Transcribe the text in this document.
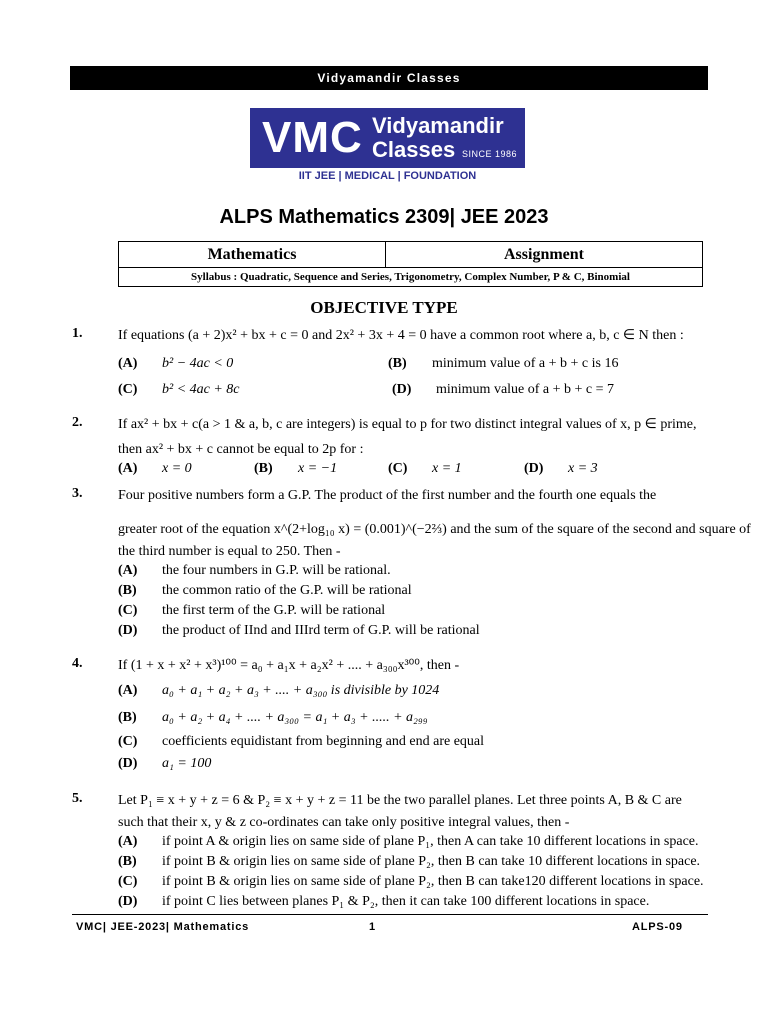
Vidyamandir Classes
VMC Vidyamandir
Classes SINCE 1986
IIT JEE | MEDICAL | FOUNDATION
ALPS Mathematics 2309| JEE 2023
Mathematics	Assignment
Syllabus : Quadratic, Sequence and Series, Trigonometry, Complex Number, P & C, Binomial
OBJECTIVE TYPE
1.	If equations (a + 2)x² + bx + c = 0 and 2x² + 3x + 4 = 0 have a common root where a, b, c ∈ N then :
(A) b² − 4ac < 0	(B) minimum value of a + b + c is 16
(C) b² < 4ac + 8c	(D) minimum value of a + b + c = 7
2.	If ax² + bx + c(a > 1 & a, b, c are integers) is equal to p for two distinct integral values of x, p ∈ prime,
then ax² + bx + c cannot be equal to 2p for :
(A) x = 0	(B) x = −1	(C) x = 1	(D) x = 3
3.	Four positive numbers form a G.P. The product of the first number and the fourth one equals the
greater root of the equation x^(2+log₁₀ x) = (0.001)^(−2⅔) and the sum of the square of the second and square of
the third number is equal to 250. Then -
(A) the four numbers in G.P. will be rational.
(B) the common ratio of the G.P. will be rational
(C) the first term of the G.P. will be rational
(D) the product of IInd and IIIrd term of G.P. will be rational
4.	If (1 + x + x² + x³)¹⁰⁰ = a₀ + a₁x + a₂x² + .... + a₃₀₀x³⁰⁰, then -
(A) a₀ + a₁ + a₂ + a₃ + .... + a₃₀₀ is divisible by 1024
(B) a₀ + a₂ + a₄ + .... + a₃₀₀ = a₁ + a₃ + ..... + a₂₉₉
(C) coefficients equidistant from beginning and end are equal
(D) a₁ = 100
5.	Let P₁ ≡ x + y + z = 6 & P₂ ≡ x + y + z = 11 be the two parallel planes. Let three points A, B & C are
such that their x, y & z co-ordinates can take only positive integral values, then -
(A) if point A & origin lies on same side of plane P₁, then A can take 10 different locations in space.
(B) if point B & origin lies on same side of plane P₂, then B can take 10 different locations in space.
(C) if point B & origin lies on same side of plane P₂, then B can take120 different locations in space.
(D) if point C lies between planes P₁ & P₂, then it can take 100 different locations in space.
VMC| JEE-2023| Mathematics	1	ALPS-09
